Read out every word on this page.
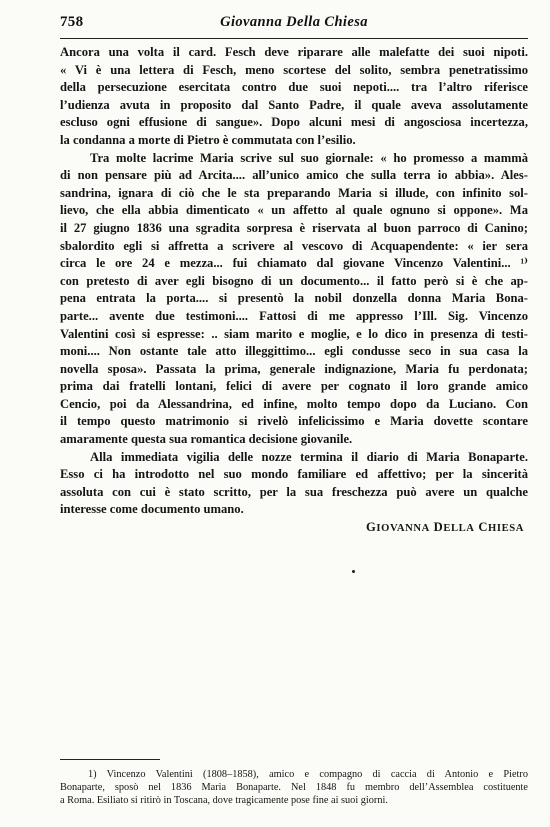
758	Giovanna Della Chiesa
Ancora una volta il card. Fesch deve riparare alle malefatte dei suoi nipoti.
« Vi è una lettera di Fesch, meno scortese del solito, sembra penetratissimo
della persecuzione esercitata contro due suoi nepoti.... tra l’altro riferisce
l’udienza avuta in proposito dal Santo Padre, il quale aveva assolutamente
escluso ogni effusione di sangue». Dopo alcuni mesi di angosciosa incertezza,
la condanna a morte di Pietro è commutata con l’esilio.
Tra molte lacrime Maria scrive sul suo giornale: « ho promesso a mammà
di non pensare più ad Arcita.... all’unico amico che sulla terra io abbia». Ales-
sandrina, ignara di ciò che le sta preparando Maria si illude, con infinito sol-
lievo, che ella abbia dimenticato « un affetto al quale ognuno si oppone». Ma
il 27 giugno 1836 una sgradita sorpresa è riservata al buon parroco di Canino;
sbalordito egli si affretta a scrivere al vescovo di Acquapendente: « ier sera
circa le ore 24 e mezza... fui chiamato dal giovane Vincenzo Valentini... ¹⁾
con pretesto di aver egli bisogno di un documento... il fatto però si è che ap-
pena entrata la porta.... si presentò la nobil donzella donna Maria Bona-
parte... avente due testimoni.... Fattosi di me appresso l’Ill. Sig. Vincenzo
Valentini così si espresse: .. siam marito e moglie, e lo dico in presenza di testi-
moni.... Non ostante tale atto illeggittimo... egli condusse seco in sua casa la
novella sposa». Passata la prima, generale indignazione, Maria fu perdonata;
prima dai fratelli lontani, felici di avere per cognato il loro grande amico
Cencio, poi da Alessandrina, ed infine, molto tempo dopo da Luciano. Con
il tempo questo matrimonio si rivelò infelicissimo e Maria dovette scontare
amaramente questa sua romantica decisione giovanile.
Alla immediata vigilia delle nozze termina il diario di Maria Bonaparte.
Esso ci ha introdotto nel suo mondo familiare ed affettivo; per la sincerità
assoluta con cui è stato scritto, per la sua freschezza può avere un qualche
interesse come documento umano.
GIOVANNA DELLA CHIESA
1) Vincenzo Valentini (1808–1858), amico e compagno di caccia di Antonio e Pietro
Bonaparte, sposò nel 1836 Maria Bonaparte. Nel 1848 fu membro dell’Assemblea costituente
a Roma. Esiliato si ritirò in Toscana, dove tragicamente pose fine ai suoi giorni.
